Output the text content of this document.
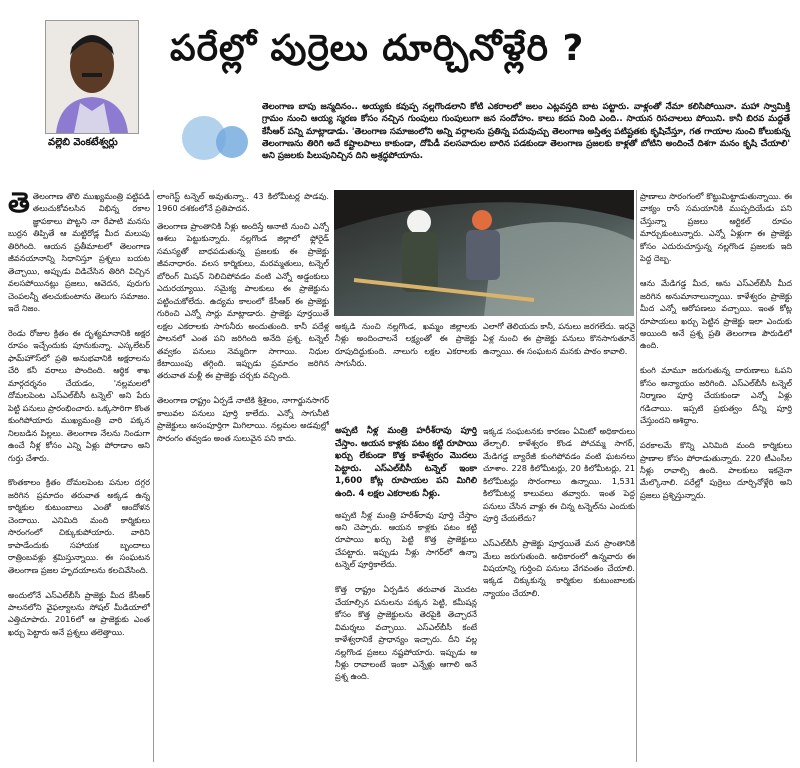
వల్లెబి వెంకటేశ్వర్లు
పరేల్లో పుర్రెలు దూర్చినోళ్లేరి ?
తెలంగాణ బాపు జన్మదినం.. అయ్యకు కవుప్ప నల్లగొండలాని కోటి ఎకరాలలో జలం ఎట్లవస్తది బాట పట్టారు. వాళ్లంతో నేమా కలిసిపోయినా. మహా స్వామిక్తి గ్రామం నుంచి ఆయ్య స్మరణ కోసం నచ్చిన గుంపులు గుంపులుగా జన సందోహం. కాలు కదప నింది ఎంది.. సాయన రిసచాలలు పోయిని. కానీ బిరవ మద్దతే కేసీఆర్ పన్ని మాట్లాడాడు. 'తెలంగాణ సమాజంలోని అన్ని వర్గాలను ప్రతిన్న పదువుచ్చు తెలంగాణ అస్తిత్వ పటిష్టతకు కృషిచేస్తూ, గత గాయాల నుంచి కోలుకున్న తెలంగాణను తిరిగి అదే కష్టాలపాలు కాకుండా, దోపిడీ వలసవాదుల బారిన పడకుండా తెలంగాణ ప్రజలకు కాళ్లతో బోటిని అందించే దిశగా మనం కృషి చేయాలి' అని ప్రజలకు పిలుపునిచ్చిన దిని అశ్రద్ధపోయాను.
తె తెలంగాణ తొలి ముఖ్యమంత్రి పట్టిపడి తలుచుకోవలసిన విభిన్న రకాల జ్ఞాపకాలు పొట్టని నా రేపాటి మనసు బుర్రన తిప్పితే ఆ మట్టిరోడ్ల మీద మలుపు తిరిగింది. ఆయన ప్రతీమాటలో తెలంగాణ జీవనయానాన్ని సిధానిస్తూ ప్రశ్నలు బయట తెచ్చాయి, అప్పుడు విడిచేసిన తిరిగి విచ్చిన వలసపోయినట్లు ప్రజలు, ఆవెదన, పురుగు చెంపలన్నీ తలచుకుంటాను తెలుగు సమాజం. ఇదే నిజం.

రెండు రోజుల క్రితం ఈ దృశ్యమానానికి అక్షర రూపం ఇచ్చేందుకు పూనుకున్నా. ఎస్కలేటర్ ఫామ్‌హౌస్‌లో ప్రతి అనుభవానికి అక్షరాలను చేరి కనీ వరాలు పొందింది. ఆర్థిక శాఖ మార్గదర్శనం చేయడం, 'నల్లమలలో దోమలపెంట ఎస్‌ఎల్‌బీసీ టన్నెల్' అని పేరు పెట్టి పనులు ప్రారంభించారు. ఒక్కసారిగా కొంత కుంగిపోయారు ముఖ్యమంత్రి వారి పక్కన నిలబడిన పిల్లలు. తెలంగాణ నేలను నిండుగా ఉంచే నీళ్ల కోసం ఎన్ని ఏళ్లు పోరాడాం అని గుర్తు చేశారు.

కొంతకాలం క్రితం దోమలపెంట పనుల దగ్గర జరిగిన ప్రమాదం తరువాత అక్కడ ఉన్న కార్మికుల కుటుంబాలు ఎంతో ఆందోళన చెందాయి. ఎనిమిది మంది కార్మికులు సొరంగంలో చిక్కుకుపోయారు. వారిని కాపాడేందుకు సహాయక బృందాలు రాత్రింబవళ్లు శ్రమిస్తున్నాయి. ఈ సంఘటన తెలంగాణ ప్రజల హృదయాలను కలచివేసింది.

అందులోనే ఎస్‌ఎల్‌బీసీ ప్రాజెక్టు మీద కేసీఆర్ పాలనలోని వైఫల్యాలను సోషల్ మీడియాలో ఎత్తిచూపారు. 2016లో ఆ ప్రాజెక్టుకు ఎంత ఖర్చు పెట్టారు అనే ప్రశ్నలు తలెత్తాయి.
లాంగెస్ట్ టన్నెల్ అవుతున్నా.. 43 కిలోమీటర్ల పొడవు. 1960 దశకంలోనే ప్రతిపాదన.
అక్కడి నుంచి నల్లగొండ, ఖమ్మం జిల్లాలకు నీళ్లు అందించాలనే లక్ష్యంతో ఈ ప్రాజెక్టు రూపుదిద్దుకుంది. నాలుగు లక్షల ఎకరాలకు సాగునీరు.
ఎలాగో తెలియదు కానీ, పనులు జరగలేదు. ఇరవై ఏళ్ల నుంచి ఈ ప్రాజెక్టు పనులు కొనసాగుతూనే ఉన్నాయి. ఈ సంఘటన మనకు పాఠం కావాలి.
తెలంగాణ ప్రాంతానికి నీళ్లు అందిస్తే ఆనాటి నుంచి ఎన్నో ఆశలు పెట్టుకున్నారు. నల్లగొండ జిల్లాలో ఫ్లోరైడ్ సమస్యతో బాధపడుతున్న ప్రజలకు ఈ ప్రాజెక్టు జీవనాధారం. వలస కార్మికులు, మరమ్మతులు, టన్నెల్ బోరింగ్ మిషన్ నిలిచిపోవడం వంటి ఎన్నో అడ్డంకులు ఎదురయ్యాయి. సమైక్య పాలకులు ఈ ప్రాజెక్టును పట్టించుకోలేదు. ఉద్యమ కాలంలో కేసీఆర్ ఈ ప్రాజెక్టు గురించి ఎన్నో సార్లు మాట్లాడారు. ప్రాజెక్టు పూర్తయితే లక్షల ఎకరాలకు సాగునీరు అందుతుంది. కానీ పదేళ్ల పాలనలో ఎంత పని జరిగింది అనేది ప్రశ్న. టన్నెల్ తవ్వకం పనులు నెమ్మదిగా సాగాయి. నిధుల కేటాయింపు తగ్గింది. ఇప్పుడు ప్రమాదం జరిగిన తరువాత మళ్లీ ఈ ప్రాజెక్టు చర్చకు వచ్చింది.

తెలంగాణ రాష్ట్రం ఏర్పడే నాటికి శ్రీశైలం, నాగార్జునసాగర్ కాలువల పనులు పూర్తి కాలేదు. ఎన్నో సాగునీటి ప్రాజెక్టులు అసంపూర్తిగా మిగిలాయి. నల్లమల అడవుల్లో సొరంగం తవ్వడం అంత సులువైన పని కాదు.
అప్పటి నీళ్ల మంత్రి హరీశ్‌రావు పూర్తి చేస్తాం. ఆయన కాళ్లకు పటం కట్టి రూపాయి ఖర్చు లేకుండా కొత్త కాళేశ్వరం మొదలు పెట్టారు. ఎస్‌ఎల్‌బీసీ టన్నెల్ ఇంకా 1,600 కోట్ల రూపాయల పని మిగిలి ఉంది. 4 లక్షల ఎకరాలకు నీళ్లు.
అప్పటి నీళ్ల మంత్రి హరీశ్‌రావు పూర్తి చేస్తాం అని చెప్పారు. ఆయన కాళ్లకు పటం కట్టి రూపాయి ఖర్చు పెట్టి కొత్త ప్రాజెక్టులు చేపట్టారు. ఇప్పుడు నీళ్లు సాగర్‌లో ఉన్నా టన్నెల్ పూర్తికాలేదు.

కొత్త రాష్ట్రం ఏర్పడిన తరువాత మొదట చేయాల్సిన పనులను పక్కన పెట్టి, కమీషన్ల కోసం కొత్త ప్రాజెక్టులను తెరపైకి తెచ్చారనే విమర్శలు వచ్చాయి. ఎస్‌ఎల్‌బీసీ కంటే కాళేశ్వరానికే ప్రాధాన్యం ఇచ్చారు. దీని వల్ల నల్లగొండ ప్రజలు నష్టపోయారు. ఇప్పుడు ఆ నీళ్లు రావాలంటే ఇంకా ఎన్నేళ్లు ఆగాలి అనే ప్రశ్న ఉంది.
ఇక్కడ సంఘటనకు కారణం ఏమిటో అధికారులు తేల్చాలి. కాళేశ్వరం కొండ పోచమ్మ సాగర్, మేడిగడ్డ బ్యారేజీ కుంగిపోవడం వంటి ఘటనలు చూశాం. 228 కిలోమీటర్లు, 20 కిలోమీటర్లు, 21 కిలోమీటర్లు సొరంగాలు ఉన్నాయి. 1,531 కిలోమీటర్ల కాలువలు తవ్వారు. ఇంత పెద్ద పనులు చేసిన వాళ్లు ఈ చిన్న టన్నెల్‌ను ఎందుకు పూర్తి చేయలేదు?

ఎస్‌ఎల్‌బీసీ ప్రాజెక్టు పూర్తయితే మన ప్రాంతానికి మేలు జరుగుతుంది. అధికారంలో ఉన్నవారు ఈ విషయాన్ని గుర్తించి పనులు వేగవంతం చేయాలి. ఇక్కడ చిక్కుకున్న కార్మికుల కుటుంబాలకు న్యాయం చేయాలి.
ప్రాణాలు సొరంగంలో కొట్టుమిట్టాడుతున్నాయి. ఈ వాక్యం రాసే సమయానికి ముప్పదియేడు పని చేస్తున్నా ప్రజలు ఆర్టికల్ రూపం మార్చుకుంటున్నారు. ఎన్నో ఏళ్లుగా ఈ ప్రాజెక్టు కోసం ఎదురుచూస్తున్న నల్లగొండ ప్రజలకు ఇది పెద్ద దెబ్బ.

ఆను మేడిగడ్డ మీద, ఆను ఎస్‌ఎల్‌బీసీ మీద జరిగిన అనుమానాలున్నాయి. కాళేశ్వరం ప్రాజెక్టు మీద ఎన్నో ఆరోపణలు వచ్చాయి. ఇంత కోట్ల రూపాయలు ఖర్చు పెట్టిన ప్రాజెక్టు ఇలా ఎందుకు అయింది అనే ప్రశ్న ప్రతి తెలంగాణ పౌరుడిలో ఉంది.

కుంగి మామూ జరుగుతున్న దారుణాలు ఓపని కోసం అన్యాయం జరిగింది. ఎస్‌ఎల్‌బీసీ టన్నెల్ నిర్మాణం పూర్తి చేయకుండా ఎన్నో ఏళ్లు గడిచాయి. ఇప్పటి ప్రభుత్వం దీన్ని పూర్తి చేస్తుందని ఆశిద్దాం.

పరకాలమే కొన్ని ఎనిమిది మంది కార్మికులు ప్రాణాల కోసం పోరాడుతున్నారు. 220 టీఎంసీల నీళ్లు రావాల్సి ఉంది. పాలకులు ఇకనైనా మేల్కొనాలి. పరేల్లో పుర్రెలు దూర్చినోళ్లేరి అని ప్రజలు ప్రశ్నిస్తున్నారు.
